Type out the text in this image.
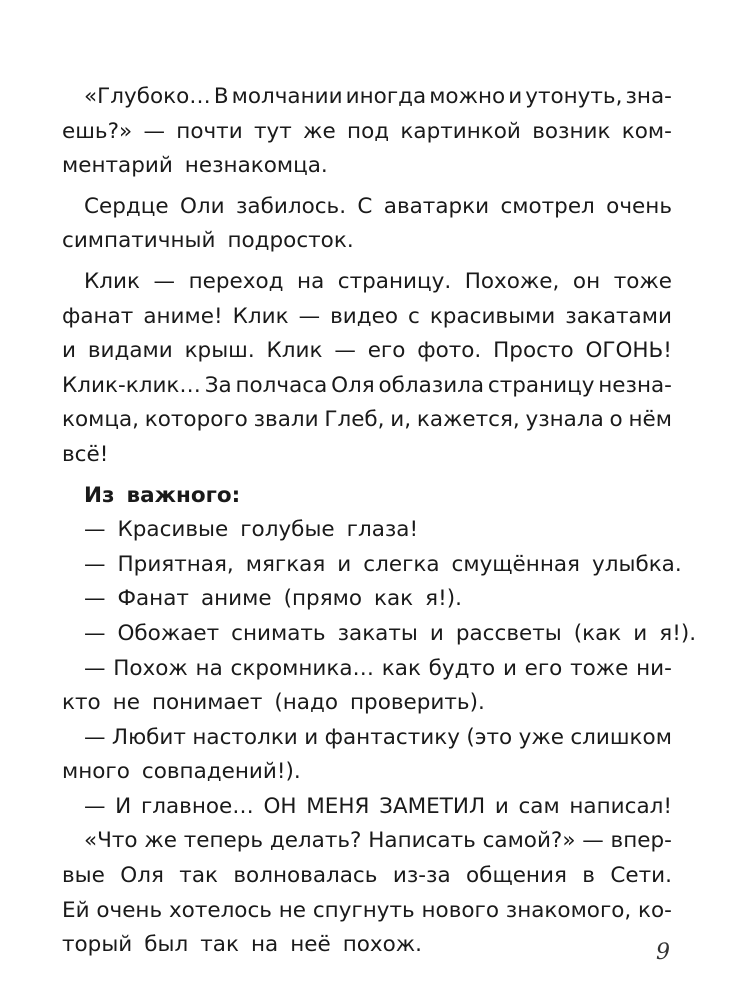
«Глубоко… В молчании иногда можно и утонуть, зна-
ешь?» — почти тут же под картинкой возник ком-
ментарий незнакомца.
Сердце Оли забилось. С аватарки смотрел очень
симпатичный подросток.
Клик — переход на страницу. Похоже, он тоже
фанат аниме! Клик — видео с красивыми закатами
и видами крыш. Клик — его фото. Просто ОГОНЬ!
Клик-клик… За полчаса Оля облазила страницу незна-
комца, которого звали Глеб, и, кажется, узнала о нём
всё!
Из важного:
— Красивые голубые глаза!
— Приятная, мягкая и слегка смущённая улыбка.
— Фанат аниме (прямо как я!).
— Обожает снимать закаты и рассветы (как и я!).
— Похож на скромника… как будто и его тоже ни-
кто не понимает (надо проверить).
— Любит настолки и фантастику (это уже слишком
много совпадений!).
— И главное… ОН МЕНЯ ЗАМЕТИЛ и сам написал!
«Что же теперь делать? Написать самой?» — впер-
вые Оля так волновалась из-за общения в Сети.
Ей очень хотелось не спугнуть нового знакомого, ко-
торый был так на неё похож.	9
